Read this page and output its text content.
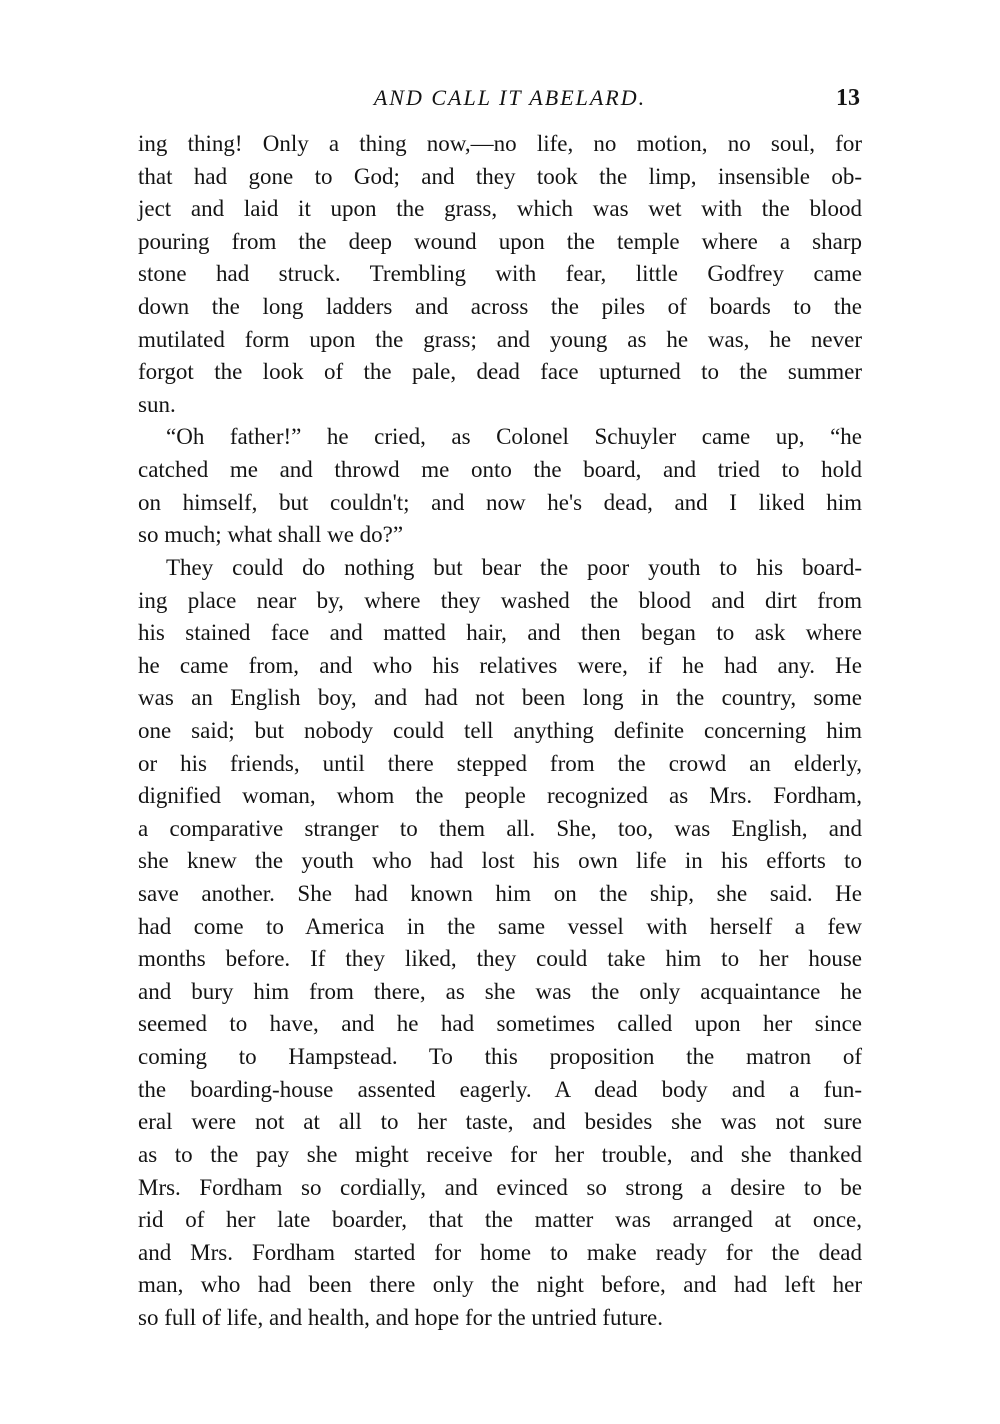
AND CALL IT ABELARD.	13
ing thing! Only a thing now,—no life, no motion, no soul, for
that had gone to God; and they took the limp, insensible ob-
ject and laid it upon the grass, which was wet with the blood
pouring from the deep wound upon the temple where a sharp
stone had struck. Trembling with fear, little Godfrey came
down the long ladders and across the piles of boards to the
mutilated form upon the grass; and young as he was, he never
forgot the look of the pale, dead face upturned to the summer
sun.
“Oh father!” he cried, as Colonel Schuyler came up, “he
catched me and throwd me onto the board, and tried to hold
on himself, but couldn't; and now he's dead, and I liked him
so much; what shall we do?”
They could do nothing but bear the poor youth to his board-
ing place near by, where they washed the blood and dirt from
his stained face and matted hair, and then began to ask where
he came from, and who his relatives were, if he had any. He
was an English boy, and had not been long in the country, some
one said; but nobody could tell anything definite concerning him
or his friends, until there stepped from the crowd an elderly,
dignified woman, whom the people recognized as Mrs. Fordham,
a comparative stranger to them all. She, too, was English, and
she knew the youth who had lost his own life in his efforts to
save another. She had known him on the ship, she said. He
had come to America in the same vessel with herself a few
months before. If they liked, they could take him to her house
and bury him from there, as she was the only acquaintance he
seemed to have, and he had sometimes called upon her since
coming to Hampstead. To this proposition the matron of
the boarding-house assented eagerly. A dead body and a fun-
eral were not at all to her taste, and besides she was not sure
as to the pay she might receive for her trouble, and she thanked
Mrs. Fordham so cordially, and evinced so strong a desire to be
rid of her late boarder, that the matter was arranged at once,
and Mrs. Fordham started for home to make ready for the dead
man, who had been there only the night before, and had left her
so full of life, and health, and hope for the untried future.
